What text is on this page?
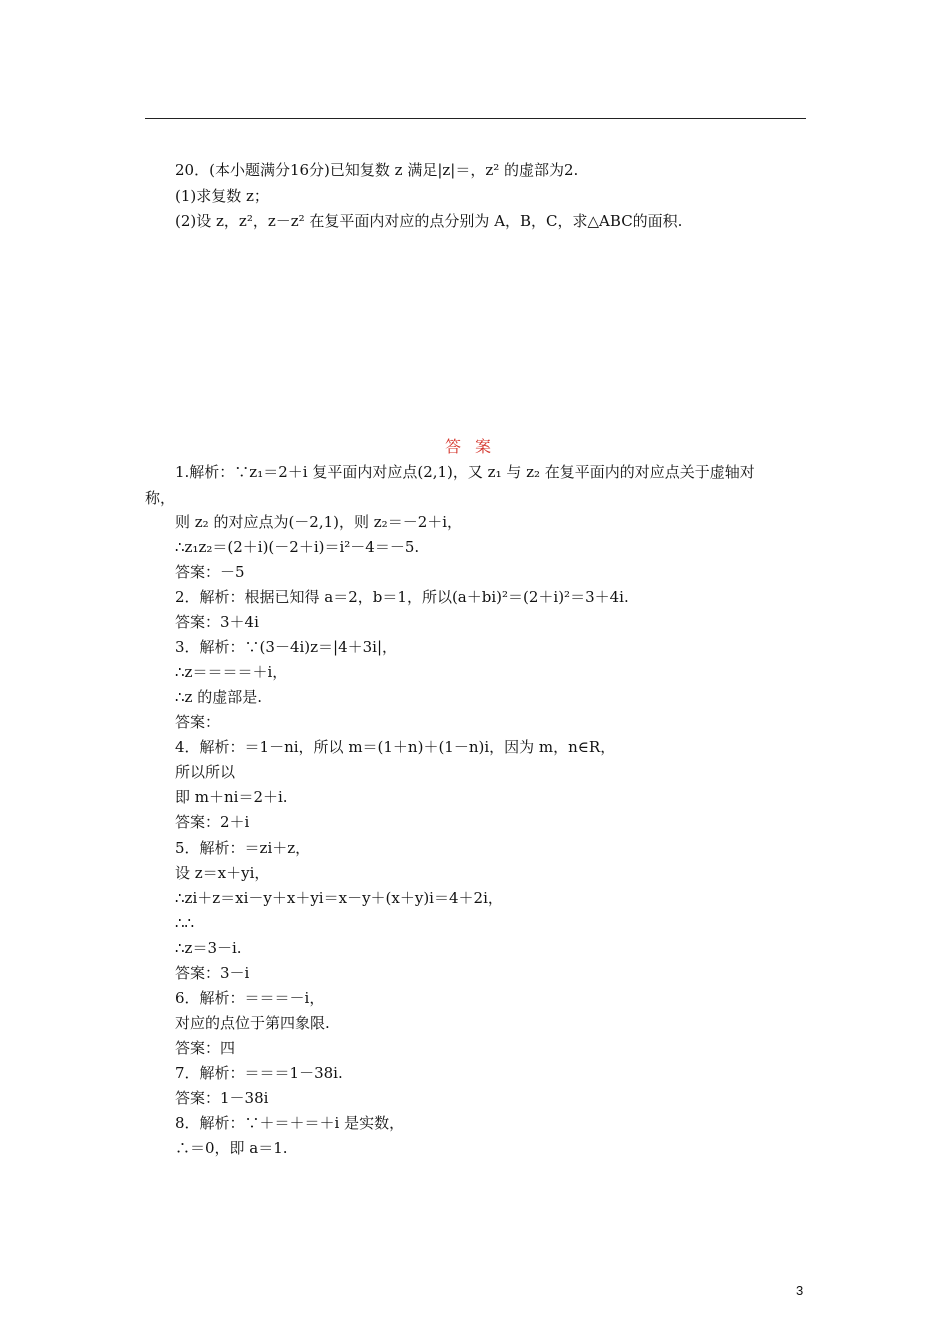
20．(本小题满分16分)已知复数 z 满足|z|＝，z² 的虚部为2.
(1)求复数 z；
(2)设 z，z²，z－z² 在复平面内对应的点分别为 A，B，C，求△ABC的面积.
答案
1.解析：∵z₁＝2＋i 复平面内对应点(2,1)，又 z₁ 与 z₂ 在复平面内的对应点关于虚轴对
称，
则 z₂ 的对应点为(－2,1)，则 z₂＝－2＋i，
∴z₁z₂＝(2＋i)(－2＋i)＝i²－4＝－5.
答案：－5
2．解析：根据已知得 a＝2，b＝1，所以(a＋bi)²＝(2＋i)²＝3＋4i.
答案：3＋4i
3．解析：∵(3－4i)z＝|4＋3i|，
∴z＝＝＝＝＋i，
∴z 的虚部是.
答案：
4．解析：＝1－ni，所以 m＝(1＋n)＋(1－n)i，因为 m，n∈R，
所以所以
即 m＋ni＝2＋i.
答案：2＋i
5．解析：＝zi＋z，
设 z＝x＋yi，
∴zi＋z＝xi－y＋x＋yi＝x－y＋(x＋y)i＝4＋2i，
∴∴
∴z＝3－i.
答案：3－i
6．解析：＝＝＝－i，
对应的点位于第四象限.
答案：四
7．解析：＝＝＝1－38i.
答案：1－38i
8．解析：∵＋＝＋＝＋i 是实数，
∴＝0，即 a＝1.
3
